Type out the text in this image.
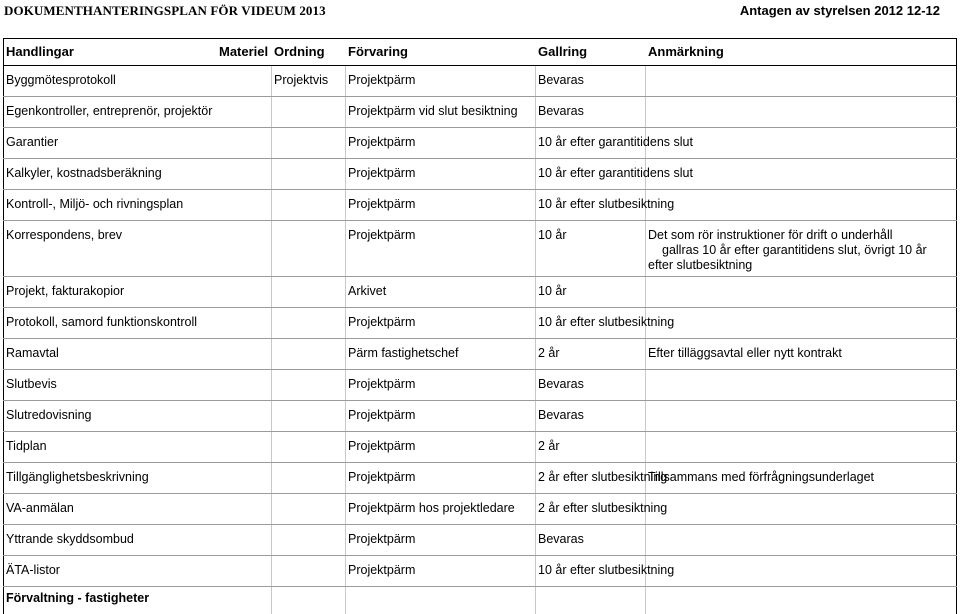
DOKUMENTHANTERINGSPLAN FÖR VIDEUM 2013	Antagen av styrelsen 2012 12-12
Handlingar	Materiel	Ordning	Förvaring	Gallring	Anmärkning
Byggmötesprotokoll		Projektvis	Projektpärm	Bevaras	
Egenkontroller, entreprenör, projektör			Projektpärm vid slut besiktning	Bevaras	
Garantier			Projektpärm	10 år efter garantitidens slut	
Kalkyler, kostnadsberäkning			Projektpärm	10 år efter garantitidens slut	
Kontroll-, Miljö- och rivningsplan			Projektpärm	10 år efter slutbesiktning	
Korrespondens, brev			Projektpärm	10 år	Det som rör instruktioner för drift o underhåll
gallras 10 år efter garantitidens slut, övrigt 10 år
efter slutbesiktning

Projekt, fakturakopior			Arkivet	10 år	
Protokoll, samord funktionskontroll			Projektpärm	10 år efter slutbesiktning	
Ramavtal			Pärm fastighetschef	2 år	Efter tilläggsavtal eller nytt kontrakt
Slutbevis			Projektpärm	Bevaras	
Slutredovisning			Projektpärm	Bevaras	
Tidplan			Projektpärm	2 år	
Tillgänglighetsbeskrivning			Projektpärm	2 år efter slutbesiktning	Tillsammans med förfrågningsunderlaget
VA-anmälan			Projektpärm hos projektledare	2 år efter slutbesiktning	
Yttrande skyddsombud			Projektpärm	Bevaras	
ÄTA-listor			Projektpärm	10 år efter slutbesiktning	
Förvaltning - fastigheter					
